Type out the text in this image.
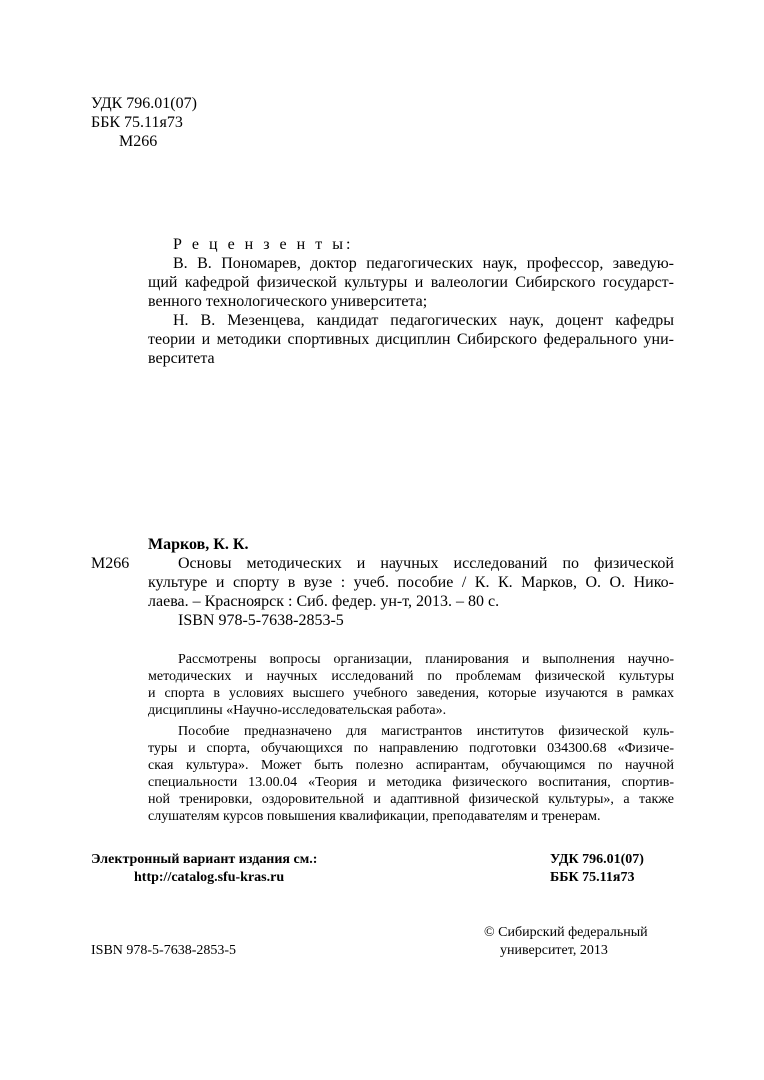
УДК 796.01(07)
ББК 75.11я73
М266
Р е ц е н з е н т ы:
В. В. Пономарев, доктор педагогических наук, профессор, заведую-
щий кафедрой физической культуры и валеологии Сибирского государст-
венного технологического университета;
Н. В. Мезенцева, кандидат педагогических наук, доцент кафедры
теории и методики спортивных дисциплин Сибирского федерального уни-
верситета
Марков, К. К.
М266	Основы методических и научных исследований по физической
культуре и спорту в вузе : учеб. пособие / К. К. Марков, О. О. Нико-
лаева. – Красноярск : Сиб. федер. ун-т, 2013. – 80 с.
ISBN 978-5-7638-2853-5
Рассмотрены вопросы организации, планирования и выполнения научно-
методических и научных исследований по проблемам физической культуры
и спорта в условиях высшего учебного заведения, которые изучаются в рамках
дисциплины «Научно-исследовательская работа».
Пособие предназначено для магистрантов институтов физической куль-
туры и спорта, обучающихся по направлению подготовки 034300.68 «Физиче-
ская культура». Может быть полезно аспирантам, обучающимся по научной
специальности 13.00.04 «Теория и методика физического воспитания, спортив-
ной тренировки, оздоровительной и адаптивной физической культуры», а также
слушателям курсов повышения квалификации, преподавателям и тренерам.
Электронный вариант издания см.:
http://catalog.sfu-kras.ru
УДК 796.01(07)
ББК 75.11я73
© Сибирский федеральный
университет, 2013
ISBN 978-5-7638-2853-5
